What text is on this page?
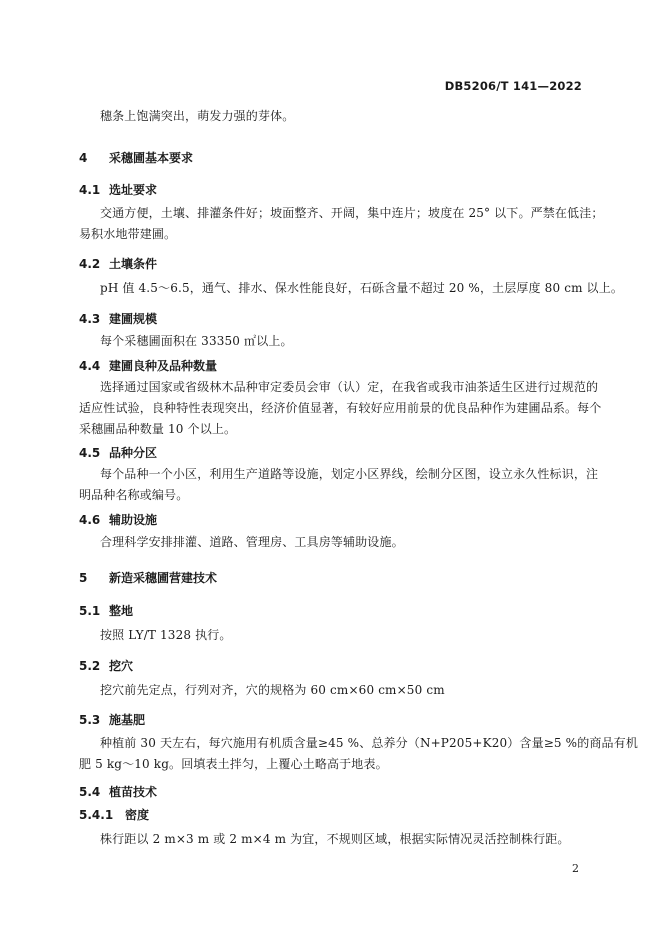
DB5206/T 141—2022
穗条上饱满突出，萌发力强的芽体。
4 采穗圃基本要求
4.1 选址要求
交通方便，土壤、排灌条件好；坡面整齐、开阔，集中连片；坡度在 25° 以下。严禁在低洼；
易积水地带建圃。
4.2 土壤条件
pH 值 4.5～6.5，通气、排水、保水性能良好，石砾含量不超过 20 %，土层厚度 80 cm 以上。
4.3 建圃规模
每个采穗圃面积在 33350 ㎡以上。
4.4 建圃良种及品种数量
选择通过国家或省级林木品种审定委员会审（认）定，在我省或我市油茶适生区进行过规范的
适应性试验，良种特性表现突出，经济价值显著，有较好应用前景的优良品种作为建圃品系。每个
采穗圃品种数量 10 个以上。
4.5 品种分区
每个品种一个小区，利用生产道路等设施，划定小区界线，绘制分区图，设立永久性标识，注
明品种名称或编号。
4.6 辅助设施
合理科学安排排灌、道路、管理房、工具房等辅助设施。
5 新造采穗圃营建技术
5.1 整地
按照 LY/T 1328 执行。
5.2 挖穴
挖穴前先定点，行列对齐，穴的规格为 60 cm×60 cm×50 cm
5.3 施基肥
种植前 30 天左右，每穴施用有机质含量≥45 %、总养分（N+P205+K20）含量≥5 %的商品有机
肥 5 kg～10 kg。回填表土拌匀，上覆心土略高于地表。
5.4 植苗技术
5.4.1 密度
株行距以 2 m×3 m 或 2 m×4 m 为宜，不规则区域，根据实际情况灵活控制株行距。
2
